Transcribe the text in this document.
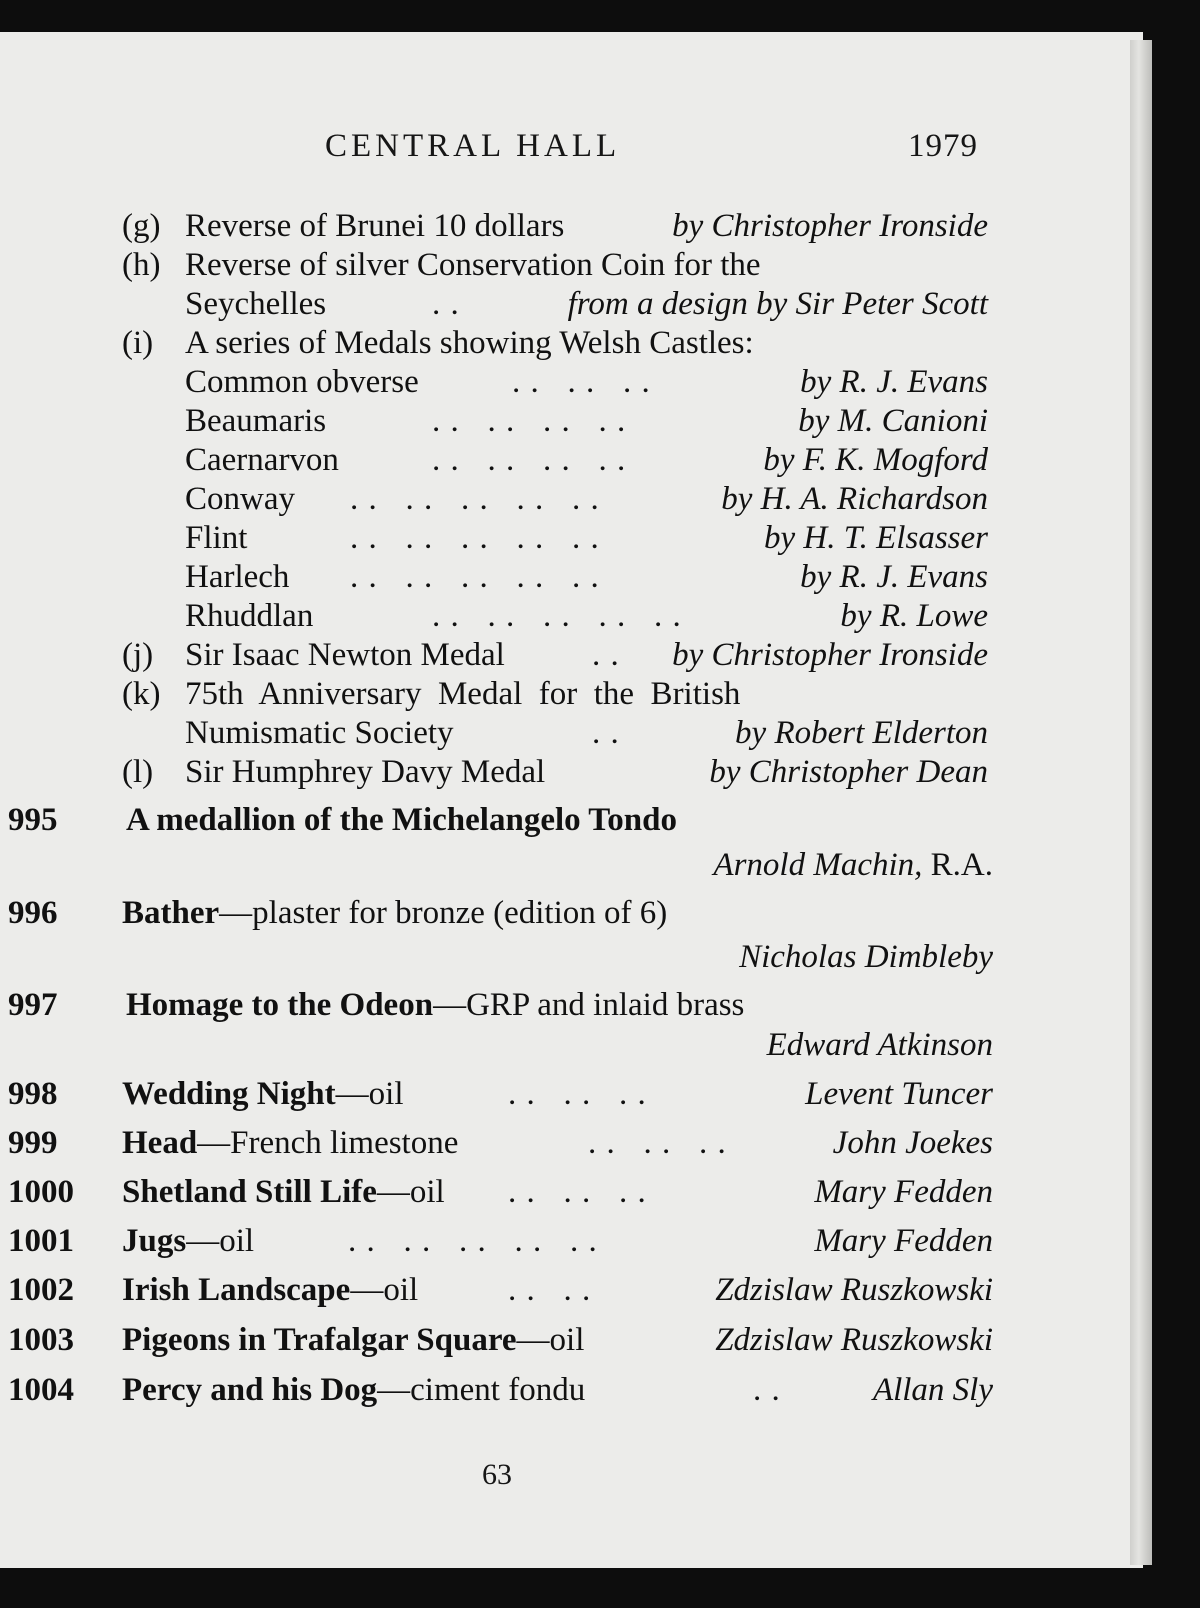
CENTRAL HALL	1979
(g) Reverse of Brunei 10 dollars	by Christopher Ironside
(h) Reverse of silver Conservation Coin for the
Seychelles	. .	from a design by Sir Peter Scott
(i) A series of Medals showing Welsh Castles:
Common obverse	. .   . .   . .	by R. J. Evans
Beaumaris	. .   . .   . .   . .	by M. Canioni
Caernarvon	. .   . .   . .   . .	by F. K. Mogford
Conway . .   . .   . .   . .   . .	by H. A. Richardson
Flint	. .   . .   . .   . .   . .	by H. T. Elsasser
Harlech . .   . .   . .   . .   . .	by R. J. Evans
Rhuddlan	. .   . .   . .   . .   . .	by R. Lowe
(j) Sir Isaac Newton Medal	. . by Christopher Ironside
(k) 75th  Anniversary  Medal  for  the  British
Numismatic Society	. .	by Robert Elderton
(l) Sir Humphrey Davy Medal	by Christopher Dean
995 A medallion of the Michelangelo Tondo
Arnold Machin, R.A.
996 Bather—plaster for bronze (edition of 6)
Nicholas Dimbleby
997 Homage to the Odeon—GRP and inlaid brass
Edward Atkinson
998 Wedding Night—oil	. .   . .   . .	Levent Tuncer
999 Head—French limestone	. .   . .   . .	John Joekes
1000 Shetland Still Life—oil . .   . .   . .	Mary Fedden
1001 Jugs—oil	. .   . .   . .   . .   . .	Mary Fedden
1002 Irish Landscape—oil	. .   . .	Zdzislaw Ruszkowski
1003 Pigeons in Trafalgar Square—oil	Zdzislaw Ruszkowski
1004 Percy and his Dog—ciment fondu	. .	Allan Sly
63
